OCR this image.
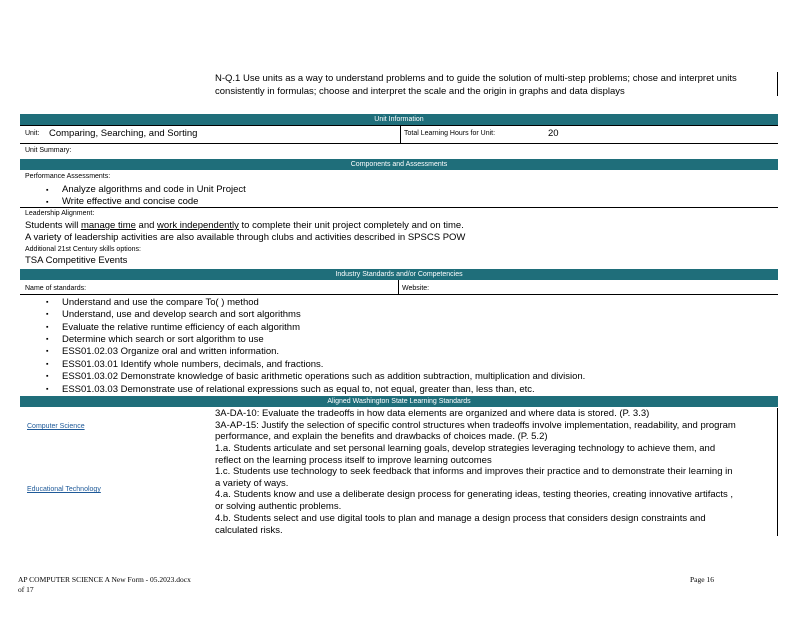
N-Q.1 Use units as a way to understand problems and to guide the solution of multi-step problems; chose and interpret units consistently in formulas; choose and interpret the scale and the origin in graphs and data displays
Unit Information
Unit: Comparing, Searching, and Sorting	Total Learning Hours for Unit:	20
Unit Summary:
Components and Assessments
Performance Assessments:
▪ Analyze algorithms and code in Unit Project
▪ Write effective and concise code
Leadership Alignment:
Students will manage time and work independently to complete their unit project completely and on time.
A variety of leadership activities are also available through clubs and activities described in SPSCS POW
Additional 21st Century skills options:
TSA Competitive Events
Industry Standards and/or Competencies
Name of standards:	Website:
▪ Understand and use the compare To( ) method
▪ Understand, use and develop search and sort algorithms
▪ Evaluate the relative runtime efficiency of each algorithm
▪ Determine which search or sort algorithm to use
▪ ESS01.02.03 Organize oral and written information.
▪ ESS01.03.01 Identify whole numbers, decimals, and fractions.
▪ ESS01.03.02 Demonstrate knowledge of basic arithmetic operations such as addition subtraction, multiplication and division.
▪ ESS01.03.03 Demonstrate use of relational expressions such as equal to, not equal, greater than, less than, etc.
Aligned Washington State Learning Standards
Computer Science
3A-DA-10: Evaluate the tradeoffs in how data elements are organized and where data is stored. (P. 3.3)
3A-AP-15: Justify the selection of specific control structures when tradeoffs involve implementation, readability, and program
performance, and explain the benefits and drawbacks of choices made. (P. 5.2)
Educational Technology
1.a. Students articulate and set personal learning goals, develop strategies leveraging technology to achieve them, and
reflect on the learning process itself to improve learning outcomes
1.c. Students use technology to seek feedback that informs and improves their practice and to demonstrate their learning in
a variety of ways.
4.a. Students know and use a deliberate design process for generating ideas, testing theories, creating innovative artifacts ,
or solving authentic problems.
4.b. Students select and use digital tools to plan and manage a design process that considers design constraints and
calculated risks.
AP COMPUTER SCIENCE A New Form - 05.2023.docx
of 17
Page 16
